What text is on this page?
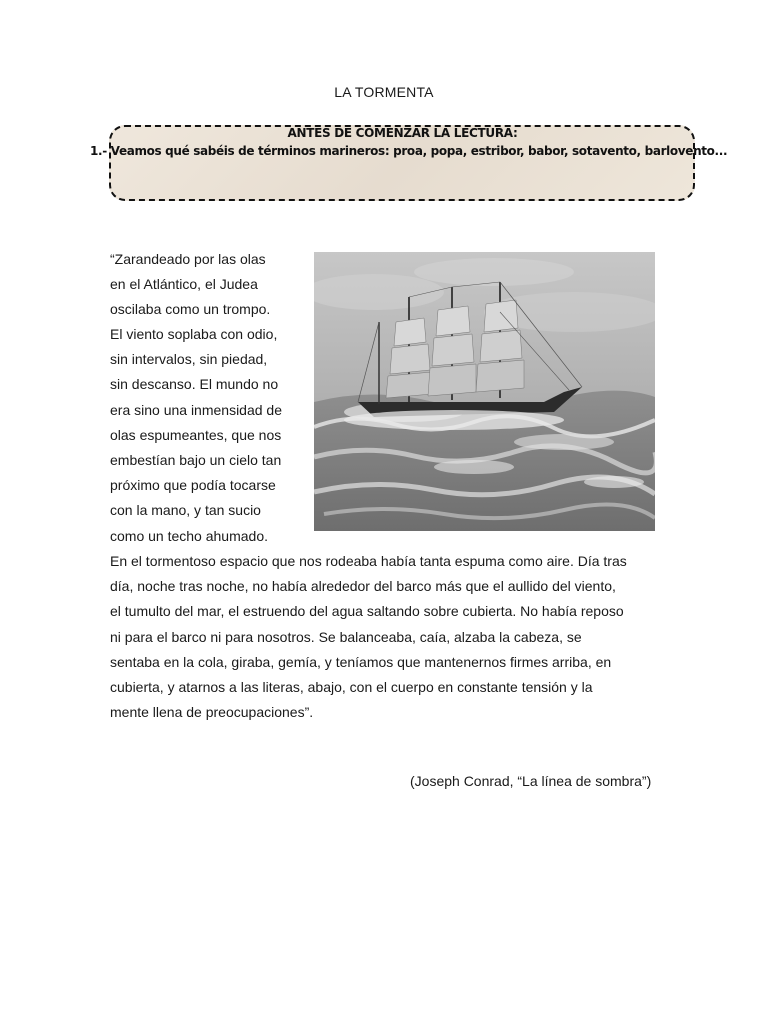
LA TORMENTA
ANTES DE COMENZAR LA LECTURA:
1.- Veamos qué sabéis de términos marineros: proa, popa, estribor, babor, sotavento, barlovento...
“Zarandeado por las olas
en el Atlántico, el Judea
oscilaba como un trompo.
El viento soplaba con odio,
sin intervalos, sin piedad,
sin descanso. El mundo no
era sino una inmensidad de
olas espumeantes, que nos
embestían bajo un cielo tan
próximo que podía tocarse
con la mano, y tan sucio
como un techo ahumado.
En el tormentoso espacio que nos rodeaba había tanta espuma como aire. Día tras
día, noche tras noche, no había alrededor del barco más que el aullido del viento,
el tumulto del mar, el estruendo del agua saltando sobre cubierta. No había reposo
ni para el barco ni para nosotros. Se balanceaba, caía, alzaba la cabeza, se
sentaba en la cola, giraba, gemía, y teníamos que mantenernos firmes arriba, en
cubierta, y atarnos a las literas, abajo, con el cuerpo en constante tensión y la
mente llena de preocupaciones”.
(Joseph Conrad, “La línea de sombra”)
